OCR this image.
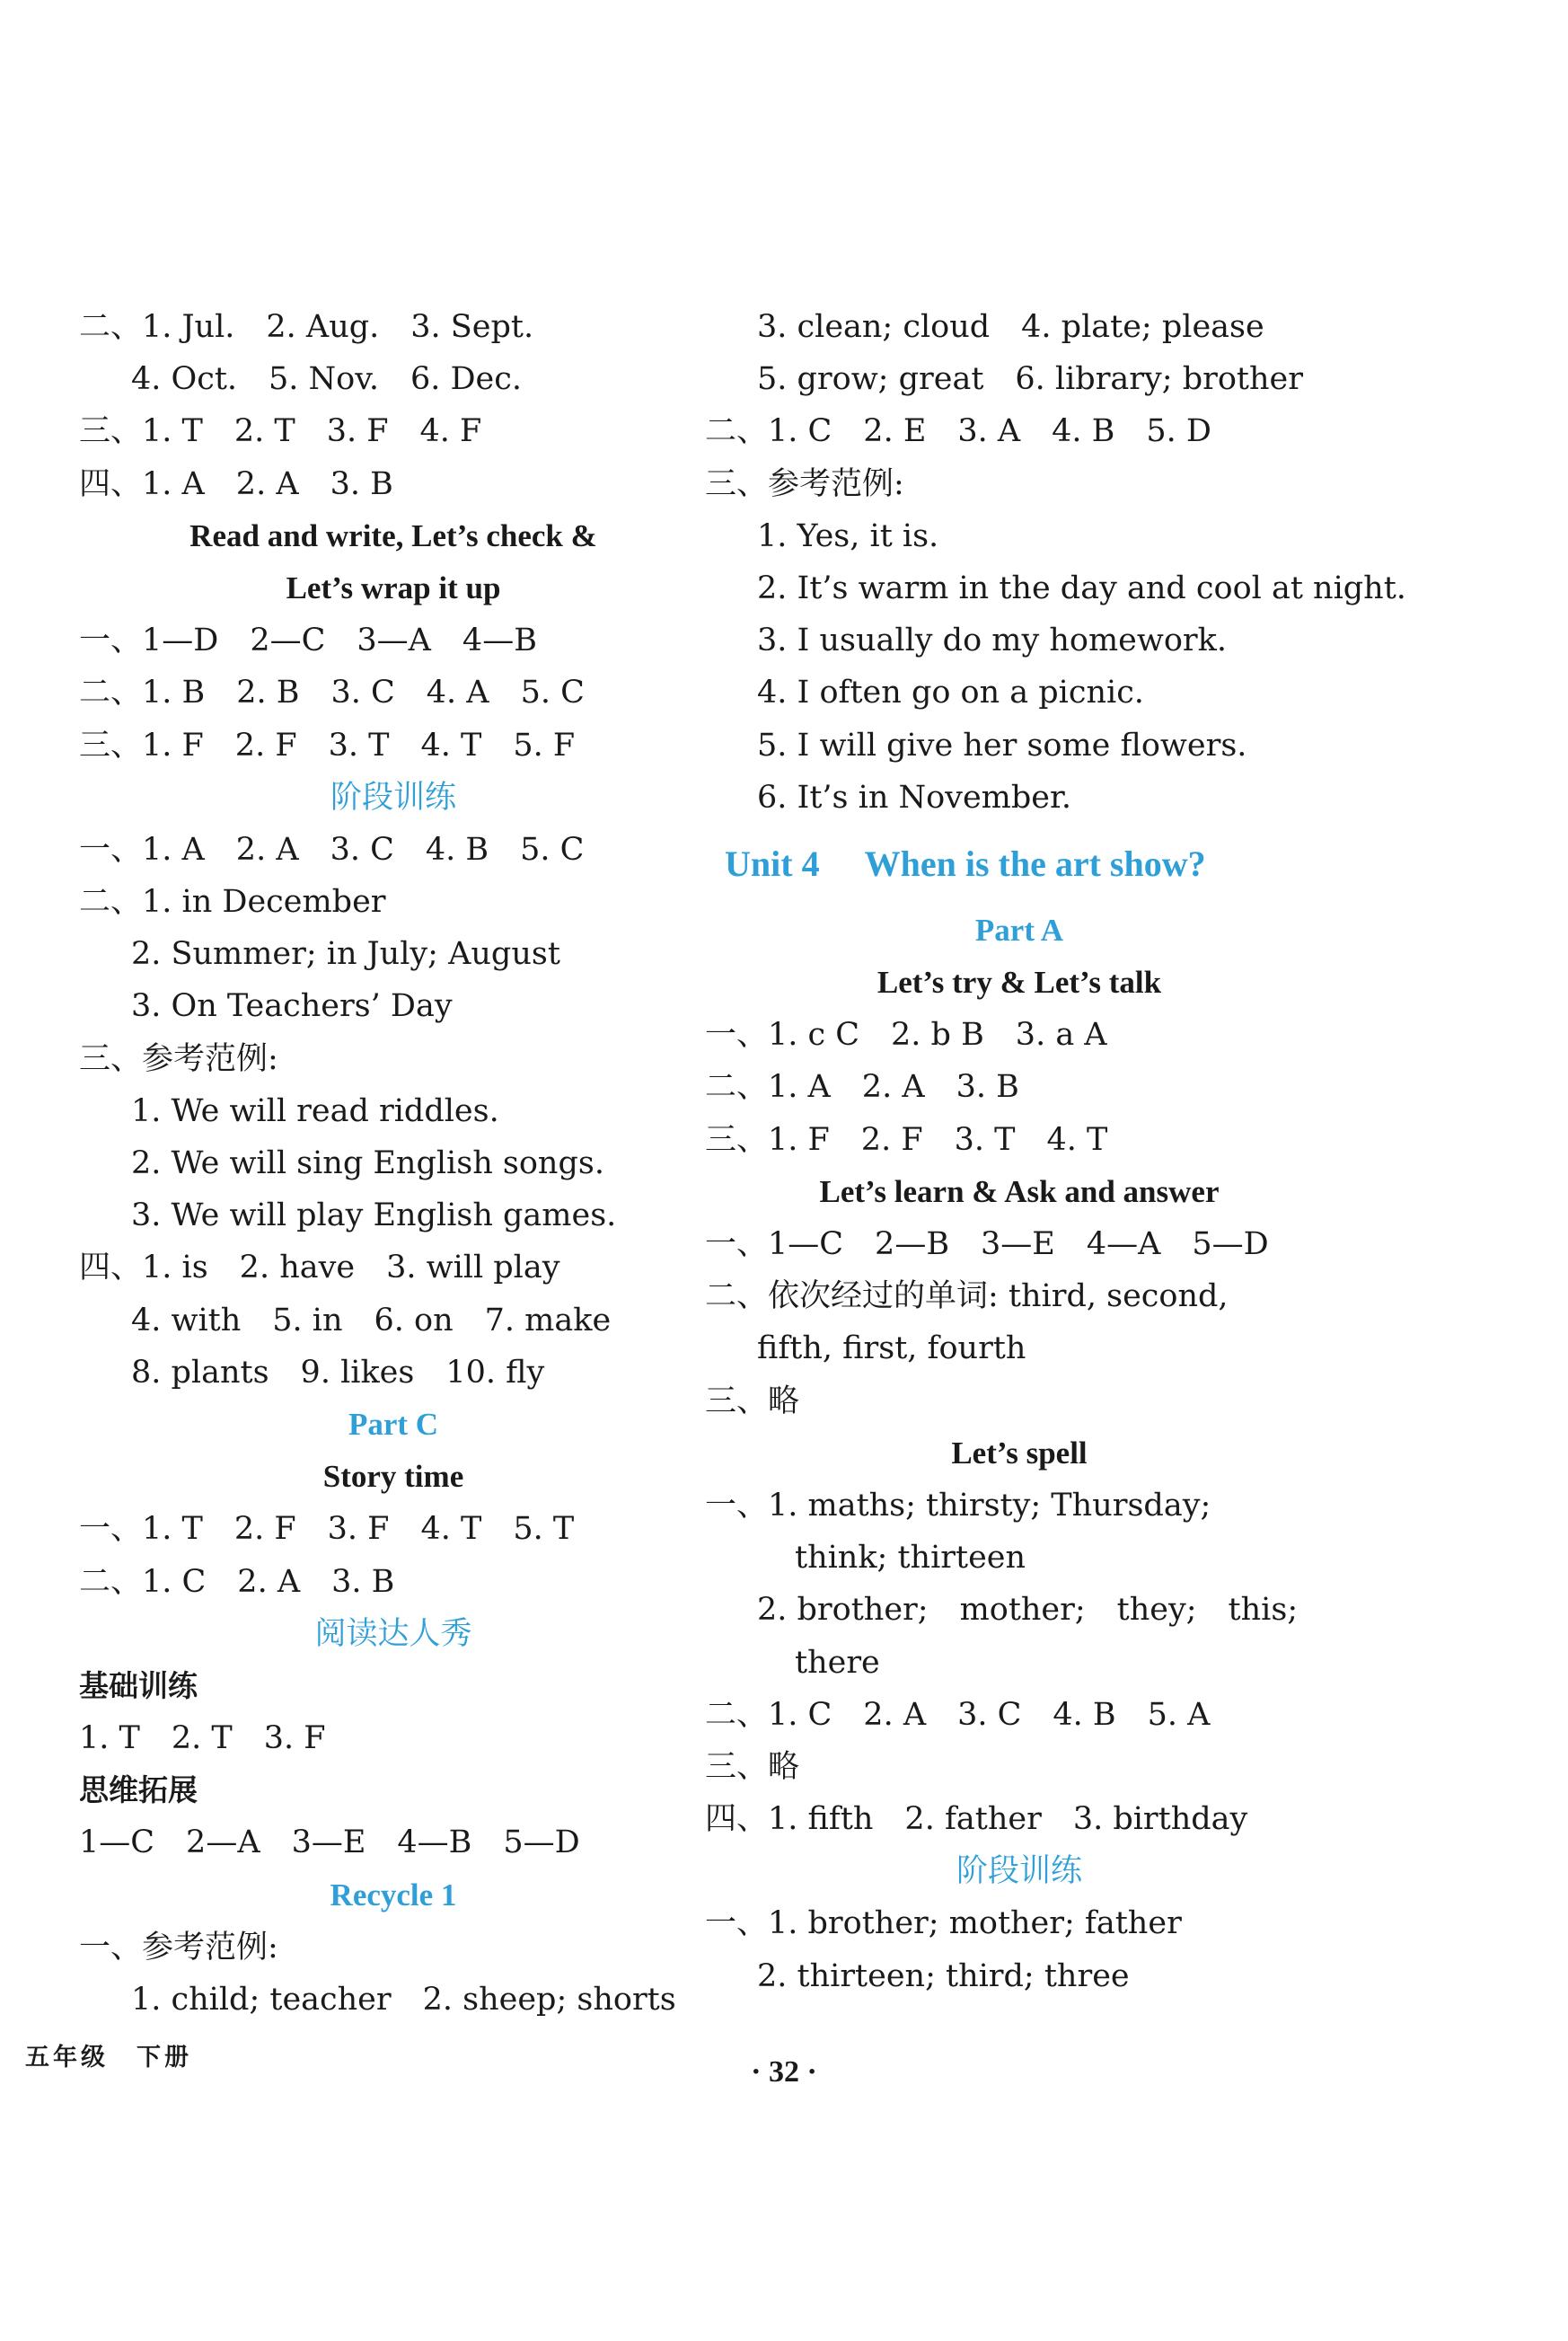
二、1. Jul.　2. Aug.　3. Sept.
4. Oct.　5. Nov.　6. Dec.
三、1. T　2. T　3. F　4. F
四、1. A　2. A　3. B
Read and write, Let’s check &
Let’s wrap it up
一、1—D　2—C　3—A　4—B
二、1. B　2. B　3. C　4. A　5. C
三、1. F　2. F　3. T　4. T　5. F
阶段训练
一、1. A　2. A　3. C　4. B　5. C
二、1. in December
2. Summer; in July; August
3. On Teachers’ Day
三、参考范例:
1. We will read riddles.
2. We will sing English songs.
3. We will play English games.
四、1. is　2. have　3. will play
4. with　5. in　6. on　7. make
8. plants　9. likes　10. fly
Part C
Story time
一、1. T　2. F　3. F　4. T　5. T
二、1. C　2. A　3. B
阅读达人秀
基础训练
1. T　2. T　3. F
思维拓展
1—C　2—A　3—E　4—B　5—D
Recycle 1
一、参考范例:
1. child; teacher　2. sheep; shorts
3. clean; cloud　4. plate; please
5. grow; great　6. library; brother
二、1. C　2. E　3. A　4. B　5. D
三、参考范例:
1. Yes, it is.
2. It’s warm in the day and cool at night.
3. I usually do my homework.
4. I often go on a picnic.
5. I will give her some flowers.
6. It’s in November.
Unit 4 When is the art show?
Part A
Let’s try & Let’s talk
一、1. c C　2. b B　3. a A
二、1. A　2. A　3. B
三、1. F　2. F　3. T　4. T
Let’s learn & Ask and answer
一、1—C　2—B　3—E　4—A　5—D
二、依次经过的单词: third, second,
fifth, first, fourth
三、略
Let’s spell
一、1. maths; thirsty; Thursday;
think; thirteen
2. brother;　mother;　they;　this;
there
二、1. C　2. A　3. C　4. B　5. A
三、略
四、1. fifth　2. father　3. birthday
阶段训练
一、1. brother; mother; father
2. thirteen; third; three
五年级　下册	· 32 ·
